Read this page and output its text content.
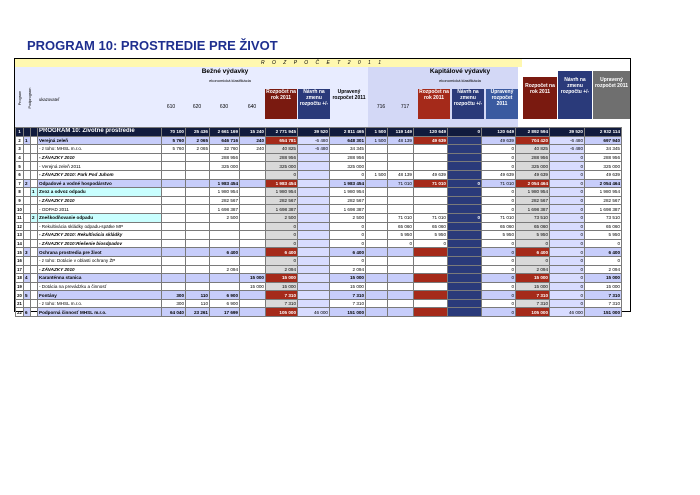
PROGRAM 10: PROSTREDIE PRE ŽIVOT
R O Z P O Č E T 2 0 1 1
Bežné výdavky
ekonomická klasifikácia
Kapitálové výdavky
ekonomická klasifikácia
Program Podprogram ukazovateľ
610	620	630	640
Rozpočet na rok 2011
Návrh na zmenu rozpočtu +/-
Upravený rozpočet 2011
716	717
Rozpočet na rok 2011
Návrh na zmenu rozpočtu +/-
Upravený rozpočet 2011
Rozpočet na rok 2011
Návrh na zmenu rozpočtu +/-
Upravený rozpočet 2011
1			PROGRAM 10: Životné prostredie	70 100	25 436	2 661 169	15 240	2 771 945	39 520	2 811 465	1 500	119 149	120 649	0	120 649	2 892 594	39 520	2 932 114
2	1		Verejná zeleň	5 760	2 065	646 716	240	654 781	-6 480	648 301	1 500	48 139	49 639		49 639	704 420	-6 480	697 940
3			- z toho: MHSL m.r.o.	5 760	2 065	32 760	240	40 825	-6 480	34 345					0	40 825	-6 480	34 345
4			- ZÁVAZKY 2010			288 956		288 956		288 956					0	288 956	0	288 956
5			- Verejná zeleň 2011			325 000		325 000		325 000					0	325 000	0	325 000
6			- ZÁVAZKY 2010: Park Pod Juhom					0		0	1 500	48 139	49 639		49 639	49 639	0	49 639
7	2		Odpadové a vodné hospodárstvo			1 983 454		1 983 454		1 983 454		71 010	71 010	0	71 010	2 054 464	0	2 054 464
8		1	Zvoz a odvoz odpadu			1 980 954		1 980 954		1 980 954					0	1 980 954	0	1 980 954
9			- ZÁVAZKY 2010			282 567		282 567		282 567					0	282 567	0	282 567
10			- ODPAD 2011			1 698 387		1 698 387		1 698 387					0	1 698 387	0	1 698 387
11		2	Zneškodňovanie odpadu			2 500		2 500		2 500		71 010	71 010	0	71 010	73 510	0	73 510
12			- Rekultivácia skládky odpadu-spätke MP					0		0		65 060	65 060		65 060	65 060	0	65 060
13			- ZÁVAZKY 2010: Rekultivácia skládky					0		0		5 950	5 950		5 950	5 950	0	5 950
14			- ZÁVAZKY 2010:Riešenie biosdpadov					0		0		0	0		0	0	0	0
15	3		Ochrana prostredia pre život			6 400		6 400		6 400					0	6 400	0	6 400
16			- z toho: Dotácie v oblasti ochrany ŽP					0		0					0	0	0	0
17			- ZÁVAZKY 2010			2 094		2 094		2 094					0	2 094	0	2 094
18	4		Karanténna stanica				15 000	15 000		15 000					0	15 000	0	15 000
19			- Dotácia na prevádzku a činnosť				15 000	15 000		15 000					0	15 000	0	15 000
20	5		Fontány	300	110	6 900		7 310		7 310					0	7 310	0	7 310
21			- z toho: MHSL m.r.o.	300	110	6 900		7 310		7 310					0	7 310	0	7 310
22	6		Podporná činnosť MHSL m.r.o.	64 040	23 261	17 699		105 000	46 000	151 000					0	105 000	46 000	151 000
